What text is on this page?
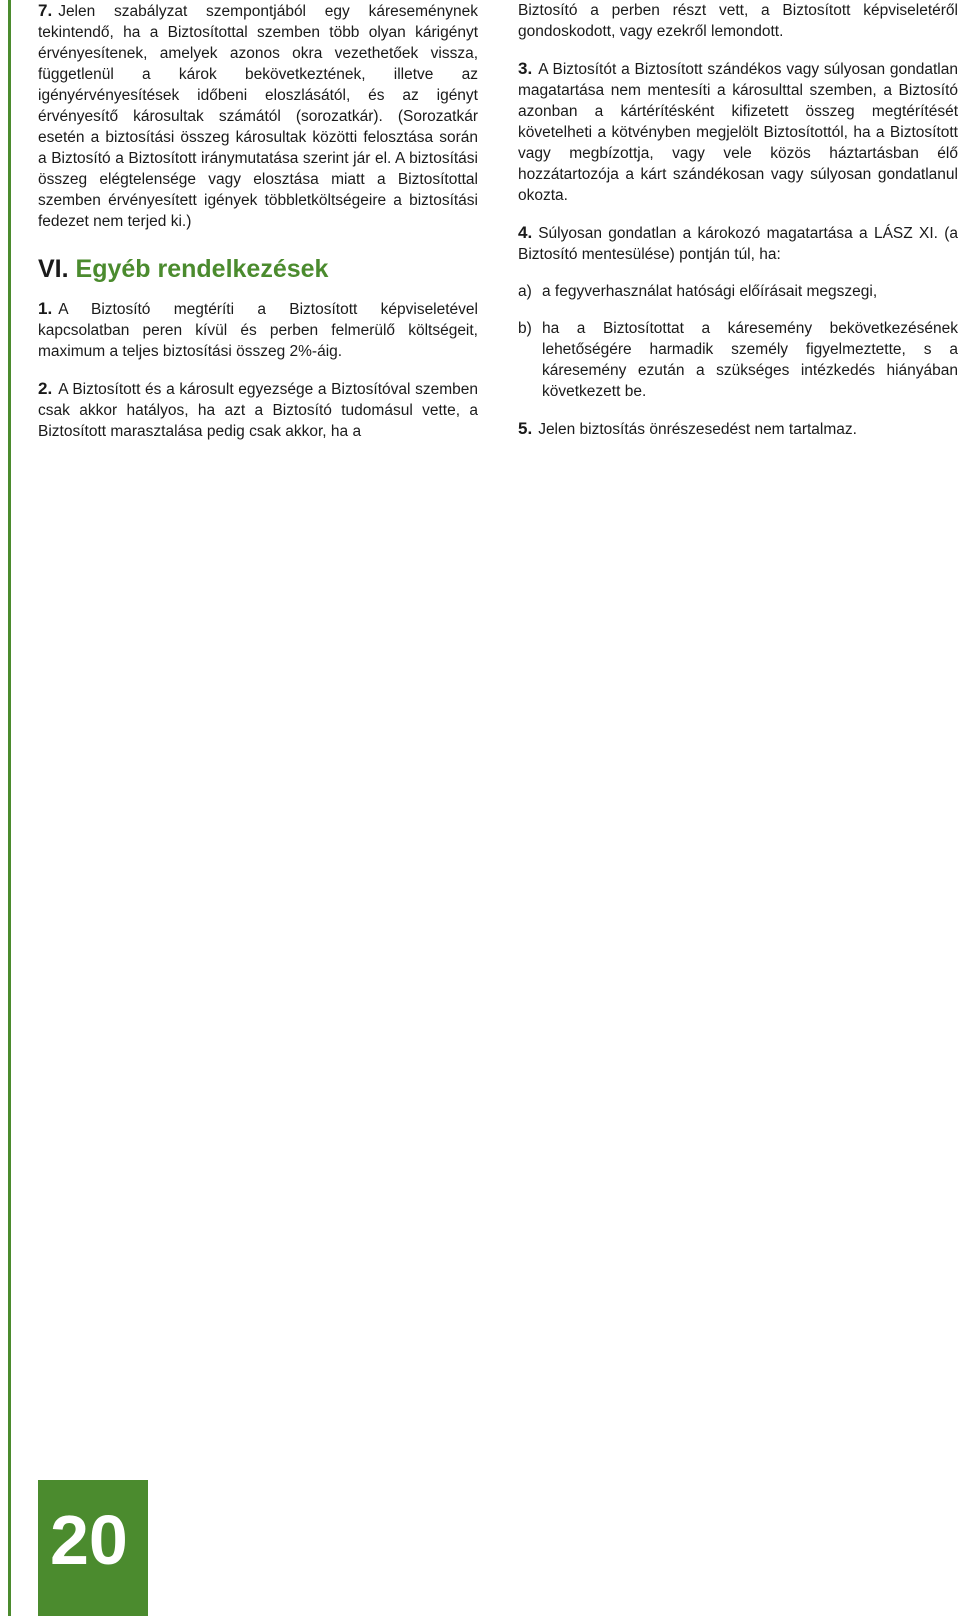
7. Jelen szabályzat szempontjából egy káreseménynek tekintendő, ha a Biztosítottal szemben több olyan kárigényt érvényesítenek, amelyek azonos okra vezethetőek vissza, függetlenül a károk bekövetkeztének, illetve az igényérvényesítések időbeni eloszlásától, és az igényt érvényesítő károsultak számától (sorozatkár). (Sorozatkár esetén a biztosítási összeg károsultak közötti felosztása során a Biztosító a Biztosított iránymutatása szerint jár el. A biztosítási összeg elégtelensége vagy elosztása miatt a Biztosítottal szemben érvényesített igények többletköltségeire a biztosítási fedezet nem terjed ki.)

VI. Egyéb rendelkezések

1. A Biztosító megtéríti a Biztosított képviseletével kapcsolatban peren kívül és perben felmerülő költségeit, maximum a teljes biztosítási összeg 2%-áig.

2. A Biztosított és a károsult egyezsége a Biztosítóval szemben csak akkor hatályos, ha azt a Biztosító tudomásul vette, a Biztosított marasztalása pedig csak akkor, ha a

Biztosító a perben részt vett, a Biztosított képviseletéről gondoskodott, vagy ezekről lemondott.

3. A Biztosítót a Biztosított szándékos vagy súlyosan gondatlan magatartása nem mentesíti a károsulttal szemben, a Biztosító azonban a kártérítésként kifizetett összeg megtérítését követelheti a kötvényben megjelölt Biztosítottól, ha a Biztosított vagy megbízottja, vagy vele közös háztartásban élő hozzátartozója a kárt szándékosan vagy súlyosan gondatlanul okozta.

4. Súlyosan gondatlan a károkozó magatartása a LÁSZ XI. (a Biztosító mentesülése) pontján túl, ha:

a) a fegyverhasználat hatósági előírásait megszegi,
b) ha a Biztosítottat a káresemény bekövetkezésének lehetőségére harmadik személy figyelmeztette, s a káresemény ezután a szükséges intézkedés hiányában következett be.

5. Jelen biztosítás önrészesedést nem tartalmaz.

20
